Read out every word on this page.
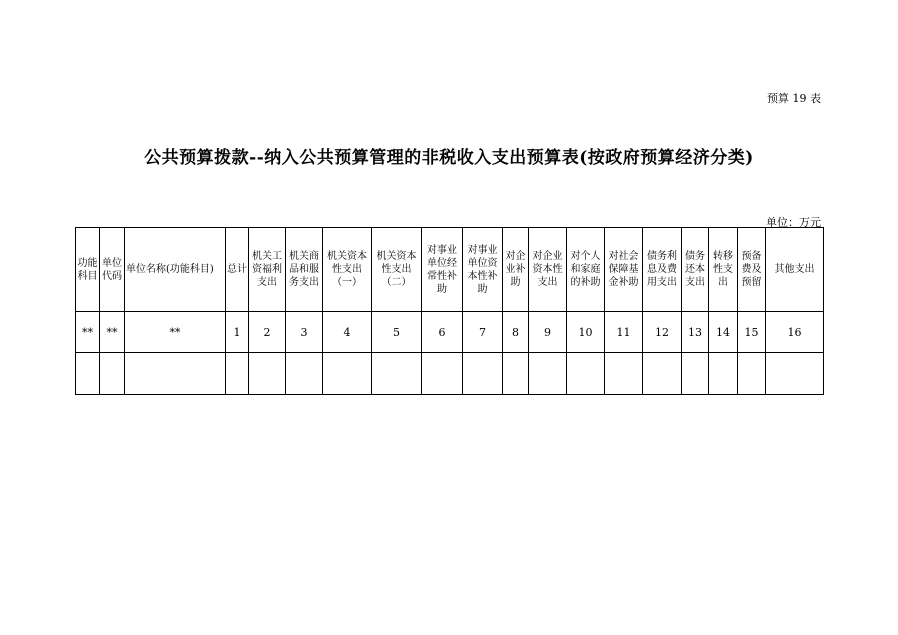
预算 19 表
公共预算拨款--纳入公共预算管理的非税收入支出预算表(按政府预算经济分类)
单位：万元
功能科目	单位代码	单位名称(功能科目)	总计	机关工资福利支出	机关商品和服务支出	机关资本性支出（一）	机关资本性支出（二）	对事业单位经常性补助	对事业单位资本性补助	对企业补助	对企业资本性支出	对个人和家庭的补助	对社会保障基金补助	债务利息及费用支出	债务还本支出	转移性支出	预备费及预留	其他支出
**	**	**	1	2	3	4	5	6	7	8	9	10	11	12	13	14	15	16
